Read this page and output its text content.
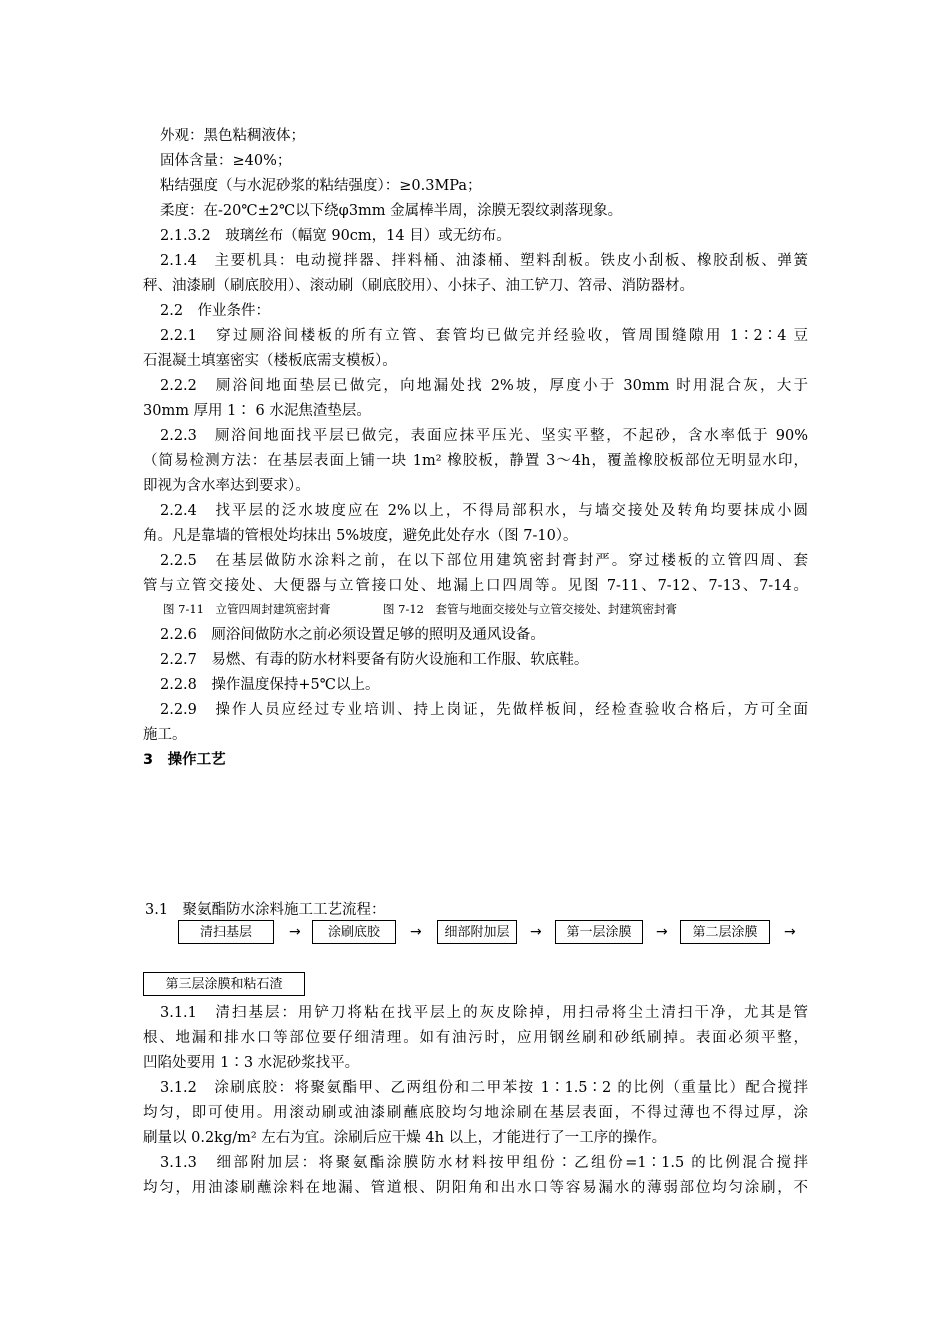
外观：黑色粘稠液体；
固体含量：≥40%；
粘结强度（与水泥砂浆的粘结强度）：≥0.3MPa；
柔度：在-20℃±2℃以下绕φ3mm 金属棒半周，涂膜无裂纹剥落现象。
2.1.3.2　玻璃丝布（幅宽 90cm，14 目）或无纺布。
2.1.4　主要机具：电动搅拌器、拌料桶、油漆桶、塑料刮板。铁皮小刮板、橡胶刮板、弹簧
秤、油漆刷（刷底胶用）、滚动刷（刷底胶用）、小抹子、油工铲刀、笤帚、消防器材。
2.2　作业条件：
2.2.1　穿过厕浴间楼板的所有立管、套管均已做完并经验收，管周围缝隙用 1∶2∶4 豆
石混凝土填塞密实（楼板底需支模板）。
2.2.2　厕浴间地面垫层已做完，向地漏处找 2%坡，厚度小于 30mm 时用混合灰，大于
30mm 厚用 1∶ 6 水泥焦渣垫层。
2.2.3　厕浴间地面找平层已做完，表面应抹平压光、坚实平整，不起砂，含水率低于 90%
（简易检测方法：在基层表面上铺一块 1m² 橡胶板，静置 3～4h，覆盖橡胶板部位无明显水印，
即视为含水率达到要求）。
2.2.4　找平层的泛水坡度应在 2%以上，不得局部积水，与墙交接处及转角均要抹成小圆
角。凡是靠墙的管根处均抹出 5%坡度，避免此处存水（图 7-10）。
2.2.5　在基层做防水涂料之前，在以下部位用建筑密封膏封严。穿过楼板的立管四周、套
管与立管交接处、大便器与立管接口处、地漏上口四周等。见图 7-11、7-12、7-13、7-14。
图 7-11　立管四周封建筑密封膏	图 7-12　套管与地面交接处与立管交接处、封建筑密封膏
2.2.6　厕浴间做防水之前必须设置足够的照明及通风设备。
2.2.7　易燃、有毒的防水材料要备有防火设施和工作服、软底鞋。
2.2.8　操作温度保持+5℃以上。
2.2.9　操作人员应经过专业培训、持上岗证，先做样板间，经检查验收合格后，方可全面
施工。
3　操作工艺
3.1　聚氨酯防水涂料施工工艺流程：
清扫基层	→	涂刷底胶	→	细部附加层	→	第一层涂膜	→	第二层涂膜	→
第三层涂膜和粘石渣
3.1.1　清扫基层：用铲刀将粘在找平层上的灰皮除掉，用扫帚将尘土清扫干净，尤其是管
根、地漏和排水口等部位要仔细清理。如有油污时，应用钢丝刷和砂纸刷掉。表面必须平整，
凹陷处要用 1∶3 水泥砂浆找平。
3.1.2　涂刷底胶：将聚氨酯甲、乙两组份和二甲苯按 1∶1.5∶2 的比例（重量比）配合搅拌
均匀，即可使用。用滚动刷或油漆刷蘸底胶均匀地涂刷在基层表面，不得过薄也不得过厚，涂
刷量以 0.2kg/m² 左右为宜。涂刷后应干燥 4h 以上，才能进行了一工序的操作。
3.1.3　细部附加层：将聚氨酯涂膜防水材料按甲组份∶乙组份=1∶1.5 的比例混合搅拌
均匀，用油漆刷蘸涂料在地漏、管道根、阴阳角和出水口等容易漏水的薄弱部位均匀涂刷，不
